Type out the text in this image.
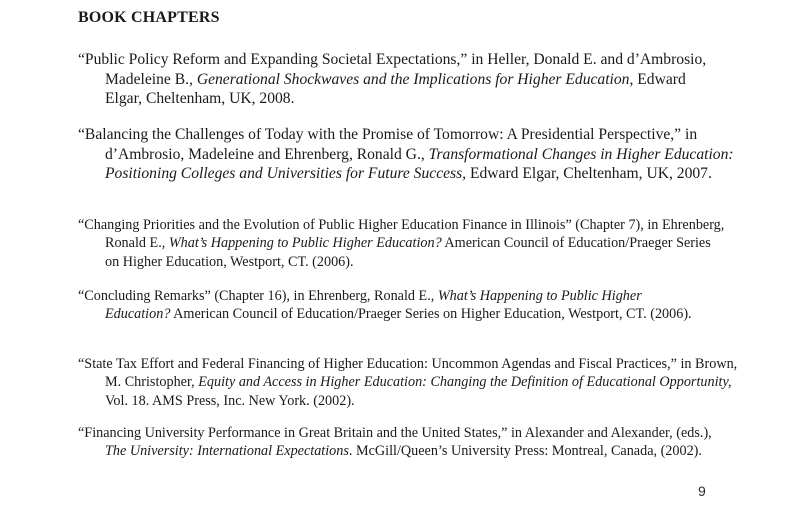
BOOK CHAPTERS

“Public Policy Reform and Expanding Societal Expectations,” in Heller, Donald E. and d’Ambrosio, Madeleine B., Generational Shockwaves and the Implications for Higher Education, Edward Elgar, Cheltenham, UK, 2008.

“Balancing the Challenges of Today with the Promise of Tomorrow: A Presidential Perspective,” in d’Ambrosio, Madeleine and Ehrenberg, Ronald G., Transformational Changes in Higher Education: Positioning Colleges and Universities for Future Success, Edward Elgar, Cheltenham, UK, 2007.

“Changing Priorities and the Evolution of Public Higher Education Finance in Illinois” (Chapter 7), in Ehrenberg, Ronald E., What’s Happening to Public Higher Education? American Council of Education/Praeger Series on Higher Education, Westport, CT. (2006).

“Concluding Remarks” (Chapter 16), in Ehrenberg, Ronald E., What’s Happening to Public Higher Education? American Council of Education/Praeger Series on Higher Education, Westport, CT. (2006).

“State Tax Effort and Federal Financing of Higher Education: Uncommon Agendas and Fiscal Practices,” in Brown, M. Christopher, Equity and Access in Higher Education: Changing the Definition of Educational Opportunity, Vol. 18. AMS Press, Inc. New York. (2002).

“Financing University Performance in Great Britain and the United States,” in Alexander and Alexander, (eds.), The University: International Expectations. McGill/Queen’s University Press: Montreal, Canada, (2002).

9
